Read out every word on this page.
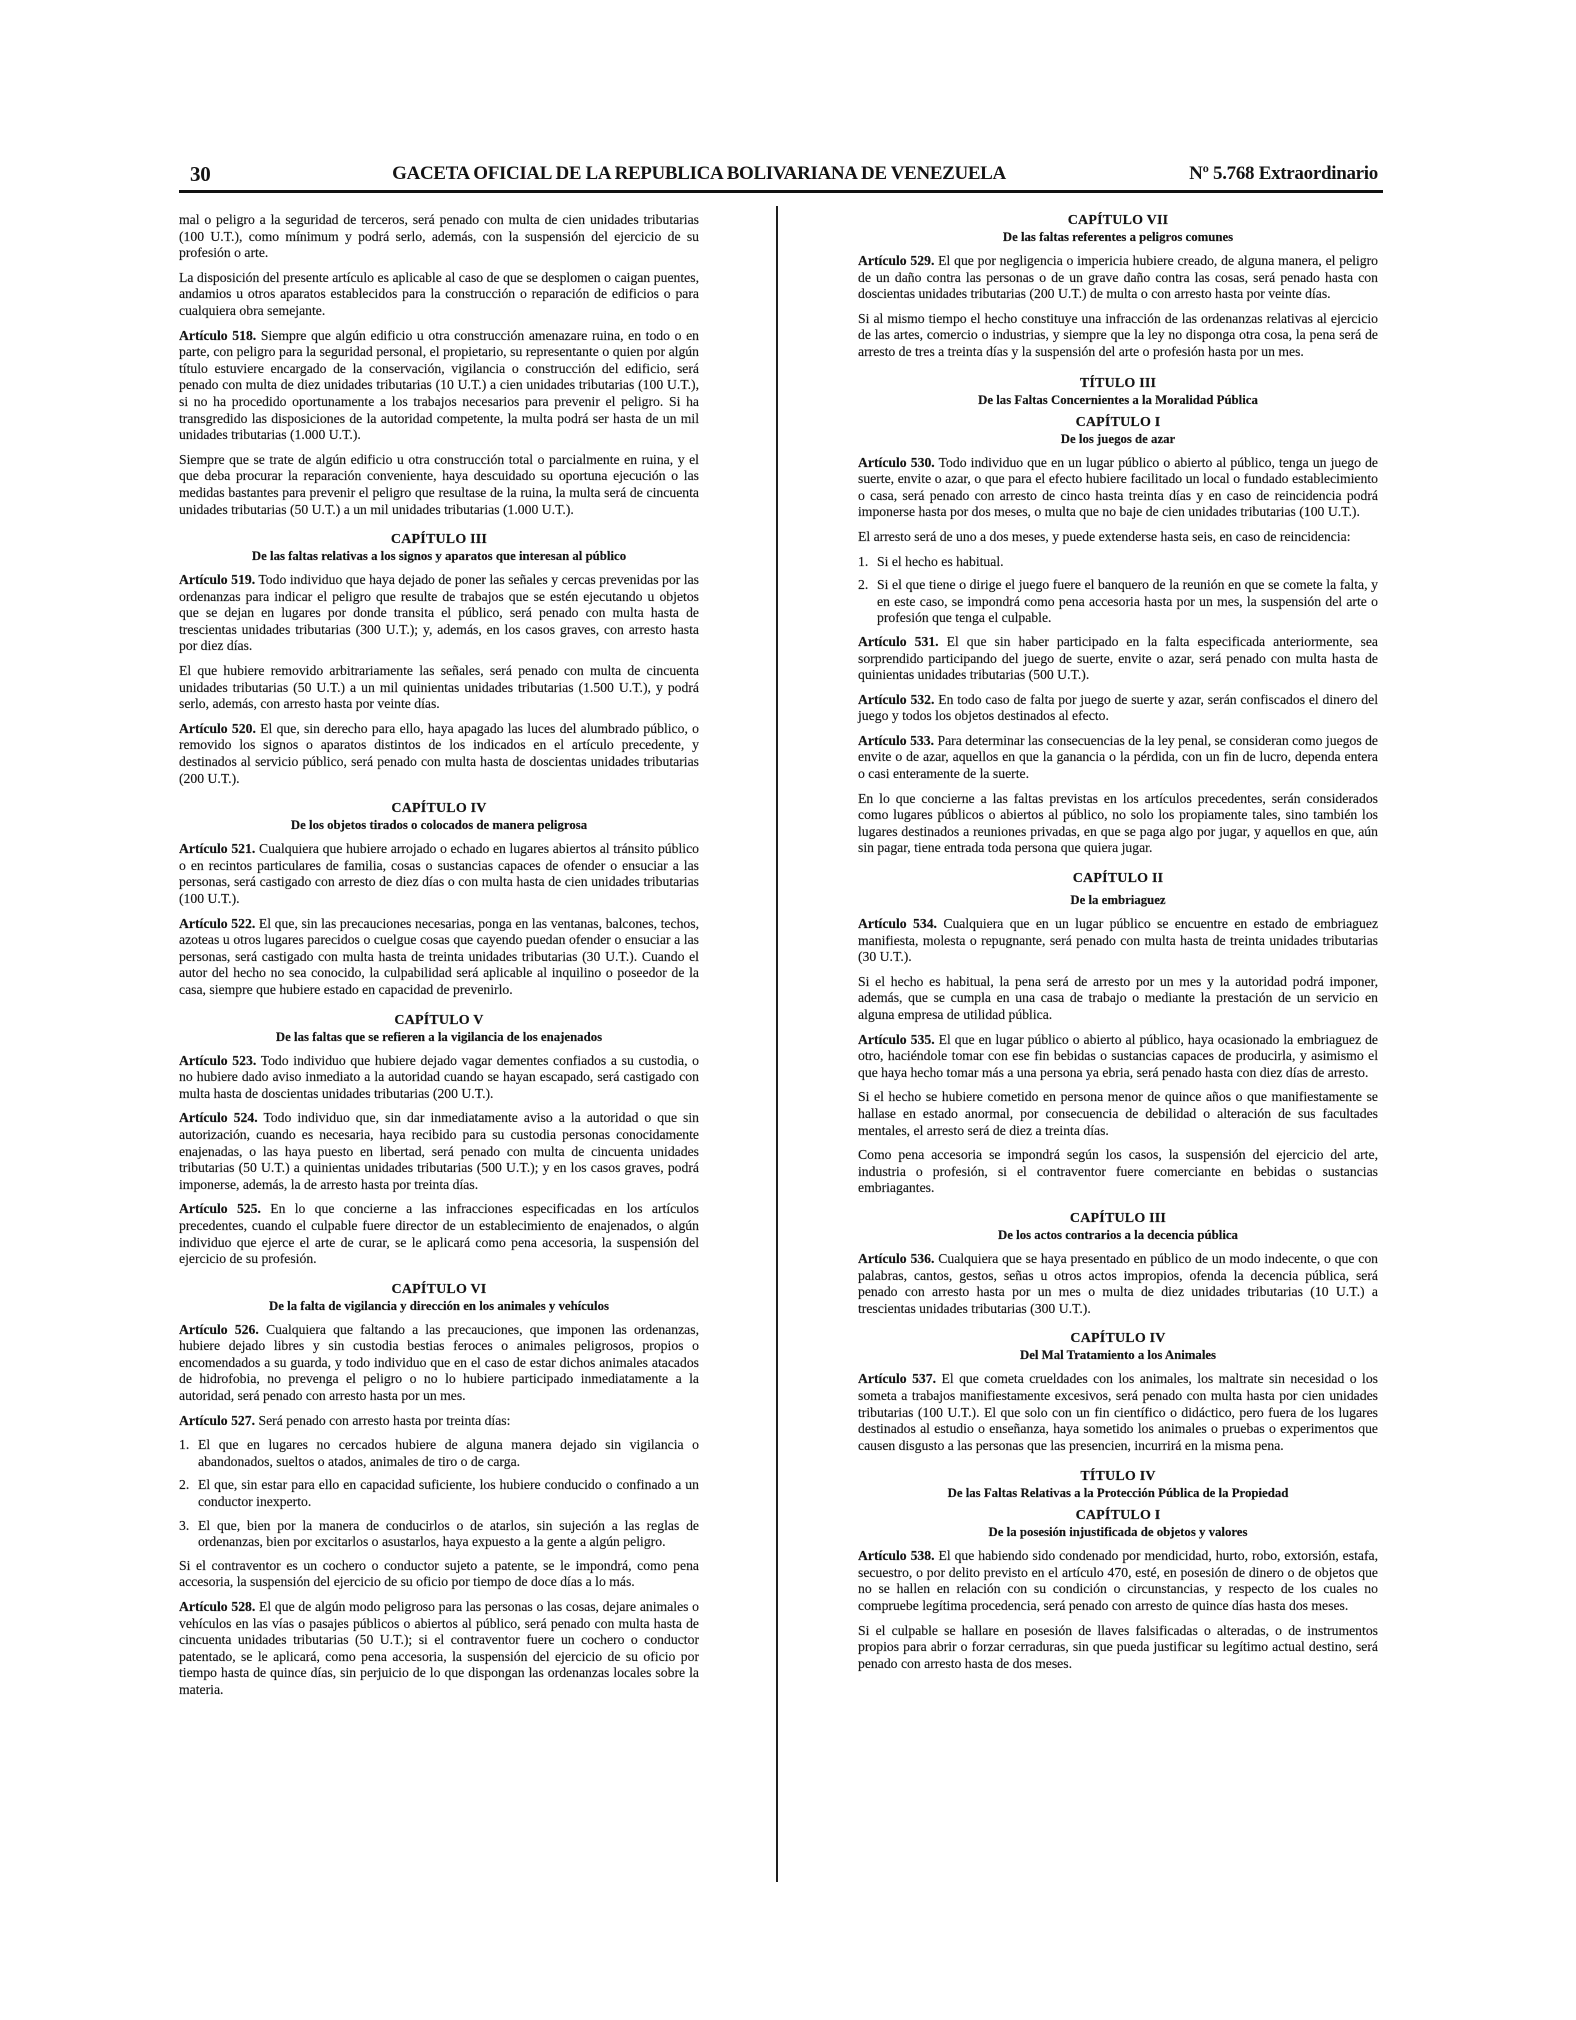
30	GACETA OFICIAL DE LA REPUBLICA BOLIVARIANA DE VENEZUELA	Nº 5.768 Extraordinario

mal o peligro a la seguridad de terceros, será penado con multa de cien unidades tributarias (100 U.T.), como mínimum y podrá serlo, además, con la suspensión del ejercicio de su profesión o arte.

La disposición del presente artículo es aplicable al caso de que se desplomen o caigan puentes, andamios u otros aparatos establecidos para la construcción o reparación de edificios o para cualquiera obra semejante.

Artículo 518. Siempre que algún edificio u otra construcción amenazare ruina, en todo o en parte, con peligro para la seguridad personal, el propietario, su representante o quien por algún título estuviere encargado de la conservación, vigilancia o construcción del edificio, será penado con multa de diez unidades tributarias (10 U.T.) a cien unidades tributarias (100 U.T.), si no ha procedido oportunamente a los trabajos necesarios para prevenir el peligro. Si ha transgredido las disposiciones de la autoridad competente, la multa podrá ser hasta de un mil unidades tributarias (1.000 U.T.).

Siempre que se trate de algún edificio u otra construcción total o parcialmente en ruina, y el que deba procurar la reparación conveniente, haya descuidado su oportuna ejecución o las medidas bastantes para prevenir el peligro que resultase de la ruina, la multa será de cincuenta unidades tributarias (50 U.T.) a un mil unidades tributarias (1.000 U.T.).

CAPÍTULO III
De las faltas relativas a los signos y aparatos que interesan al público

Artículo 519. Todo individuo que haya dejado de poner las señales y cercas prevenidas por las ordenanzas para indicar el peligro que resulte de trabajos que se estén ejecutando u objetos que se dejan en lugares por donde transita el público, será penado con multa hasta de trescientas unidades tributarias (300 U.T.); y, además, en los casos graves, con arresto hasta por diez días.

El que hubiere removido arbitrariamente las señales, será penado con multa de cincuenta unidades tributarias (50 U.T.) a un mil quinientas unidades tributarias (1.500 U.T.), y podrá serlo, además, con arresto hasta por veinte días.

Artículo 520. El que, sin derecho para ello, haya apagado las luces del alumbrado público, o removido los signos o aparatos distintos de los indicados en el artículo precedente, y destinados al servicio público, será penado con multa hasta de doscientas unidades tributarias (200 U.T.).

CAPÍTULO IV
De los objetos tirados o colocados de manera peligrosa

Artículo 521. Cualquiera que hubiere arrojado o echado en lugares abiertos al tránsito público o en recintos particulares de familia, cosas o sustancias capaces de ofender o ensuciar a las personas, será castigado con arresto de diez días o con multa hasta de cien unidades tributarias (100 U.T.).

Artículo 522. El que, sin las precauciones necesarias, ponga en las ventanas, balcones, techos, azoteas u otros lugares parecidos o cuelgue cosas que cayendo puedan ofender o ensuciar a las personas, será castigado con multa hasta de treinta unidades tributarias (30 U.T.). Cuando el autor del hecho no sea conocido, la culpabilidad será aplicable al inquilino o poseedor de la casa, siempre que hubiere estado en capacidad de prevenirlo.

CAPÍTULO V
De las faltas que se refieren a la vigilancia de los enajenados

Artículo 523. Todo individuo que hubiere dejado vagar dementes confiados a su custodia, o no hubiere dado aviso inmediato a la autoridad cuando se hayan escapado, será castigado con multa hasta de doscientas unidades tributarias (200 U.T.).

Artículo 524. Todo individuo que, sin dar inmediatamente aviso a la autoridad o que sin autorización, cuando es necesaria, haya recibido para su custodia personas conocidamente enajenadas, o las haya puesto en libertad, será penado con multa de cincuenta unidades tributarias (50 U.T.) a quinientas unidades tributarias (500 U.T.); y en los casos graves, podrá imponerse, además, la de arresto hasta por treinta días.

Artículo 525. En lo que concierne a las infracciones especificadas en los artículos precedentes, cuando el culpable fuere director de un establecimiento de enajenados, o algún individuo que ejerce el arte de curar, se le aplicará como pena accesoria, la suspensión del ejercicio de su profesión.

CAPÍTULO VI
De la falta de vigilancia y dirección en los animales y vehículos

Artículo 526. Cualquiera que faltando a las precauciones, que imponen las ordenanzas, hubiere dejado libres y sin custodia bestias feroces o animales peligrosos, propios o encomendados a su guarda, y todo individuo que en el caso de estar dichos animales atacados de hidrofobia, no prevenga el peligro o no lo hubiere participado inmediatamente a la autoridad, será penado con arresto hasta por un mes.

Artículo 527. Será penado con arresto hasta por treinta días:

1. El que en lugares no cercados hubiere de alguna manera dejado sin vigilancia o abandonados, sueltos o atados, animales de tiro o de carga.
2. El que, sin estar para ello en capacidad suficiente, los hubiere conducido o confinado a un conductor inexperto.
3. El que, bien por la manera de conducirlos o de atarlos, sin sujeción a las reglas de ordenanzas, bien por excitarlos o asustarlos, haya expuesto a la gente a algún peligro.

Si el contraventor es un cochero o conductor sujeto a patente, se le impondrá, como pena accesoria, la suspensión del ejercicio de su oficio por tiempo de doce días a lo más.

Artículo 528. El que de algún modo peligroso para las personas o las cosas, dejare animales o vehículos en las vías o pasajes públicos o abiertos al público, será penado con multa hasta de cincuenta unidades tributarias (50 U.T.); si el contraventor fuere un cochero o conductor patentado, se le aplicará, como pena accesoria, la suspensión del ejercicio de su oficio por tiempo hasta de quince días, sin perjuicio de lo que dispongan las ordenanzas locales sobre la materia.

CAPÍTULO VII
De las faltas referentes a peligros comunes

Artículo 529. El que por negligencia o impericia hubiere creado, de alguna manera, el peligro de un daño contra las personas o de un grave daño contra las cosas, será penado hasta con doscientas unidades tributarias (200 U.T.) de multa o con arresto hasta por veinte días.

Si al mismo tiempo el hecho constituye una infracción de las ordenanzas relativas al ejercicio de las artes, comercio o industrias, y siempre que la ley no disponga otra cosa, la pena será de arresto de tres a treinta días y la suspensión del arte o profesión hasta por un mes.

TÍTULO III
De las Faltas Concernientes a la Moralidad Pública
CAPÍTULO I
De los juegos de azar

Artículo 530. Todo individuo que en un lugar público o abierto al público, tenga un juego de suerte, envite o azar, o que para el efecto hubiere facilitado un local o fundado establecimiento o casa, será penado con arresto de cinco hasta treinta días y en caso de reincidencia podrá imponerse hasta por dos meses, o multa que no baje de cien unidades tributarias (100 U.T.).

El arresto será de uno a dos meses, y puede extenderse hasta seis, en caso de reincidencia:

1. Si el hecho es habitual.
2. Si el que tiene o dirige el juego fuere el banquero de la reunión en que se comete la falta, y en este caso, se impondrá como pena accesoria hasta por un mes, la suspensión del arte o profesión que tenga el culpable.

Artículo 531. El que sin haber participado en la falta especificada anteriormente, sea sorprendido participando del juego de suerte, envite o azar, será penado con multa hasta de quinientas unidades tributarias (500 U.T.).

Artículo 532. En todo caso de falta por juego de suerte y azar, serán confiscados el dinero del juego y todos los objetos destinados al efecto.

Artículo 533. Para determinar las consecuencias de la ley penal, se consideran como juegos de envite o de azar, aquellos en que la ganancia o la pérdida, con un fin de lucro, dependa entera o casi enteramente de la suerte.

En lo que concierne a las faltas previstas en los artículos precedentes, serán considerados como lugares públicos o abiertos al público, no solo los propiamente tales, sino también los lugares destinados a reuniones privadas, en que se paga algo por jugar, y aquellos en que, aún sin pagar, tiene entrada toda persona que quiera jugar.

CAPÍTULO II
De la embriaguez

Artículo 534. Cualquiera que en un lugar público se encuentre en estado de embriaguez manifiesta, molesta o repugnante, será penado con multa hasta de treinta unidades tributarias (30 U.T.).

Si el hecho es habitual, la pena será de arresto por un mes y la autoridad podrá imponer, además, que se cumpla en una casa de trabajo o mediante la prestación de un servicio en alguna empresa de utilidad pública.

Artículo 535. El que en lugar público o abierto al público, haya ocasionado la embriaguez de otro, haciéndole tomar con ese fin bebidas o sustancias capaces de producirla, y asimismo el que haya hecho tomar más a una persona ya ebria, será penado hasta con diez días de arresto.

Si el hecho se hubiere cometido en persona menor de quince años o que manifiestamente se hallase en estado anormal, por consecuencia de debilidad o alteración de sus facultades mentales, el arresto será de diez a treinta días.

Como pena accesoria se impondrá según los casos, la suspensión del ejercicio del arte, industria o profesión, si el contraventor fuere comerciante en bebidas o sustancias embriagantes.

CAPÍTULO III
De los actos contrarios a la decencia pública

Artículo 536. Cualquiera que se haya presentado en público de un modo indecente, o que con palabras, cantos, gestos, señas u otros actos impropios, ofenda la decencia pública, será penado con arresto hasta por un mes o multa de diez unidades tributarias (10 U.T.) a trescientas unidades tributarias (300 U.T.).

CAPÍTULO IV
Del Mal Tratamiento a los Animales

Artículo 537. El que cometa crueldades con los animales, los maltrate sin necesidad o los someta a trabajos manifiestamente excesivos, será penado con multa hasta por cien unidades tributarias (100 U.T.). El que solo con un fin científico o didáctico, pero fuera de los lugares destinados al estudio o enseñanza, haya sometido los animales o pruebas o experimentos que causen disgusto a las personas que las presencien, incurrirá en la misma pena.

TÍTULO IV
De las Faltas Relativas a la Protección Pública de la Propiedad
CAPÍTULO I
De la posesión injustificada de objetos y valores

Artículo 538. El que habiendo sido condenado por mendicidad, hurto, robo, extorsión, estafa, secuestro, o por delito previsto en el artículo 470, esté, en posesión de dinero o de objetos que no se hallen en relación con su condición o circunstancias, y respecto de los cuales no compruebe legítima procedencia, será penado con arresto de quince días hasta dos meses.

Si el culpable se hallare en posesión de llaves falsificadas o alteradas, o de instrumentos propios para abrir o forzar cerraduras, sin que pueda justificar su legítimo actual destino, será penado con arresto hasta de dos meses.
